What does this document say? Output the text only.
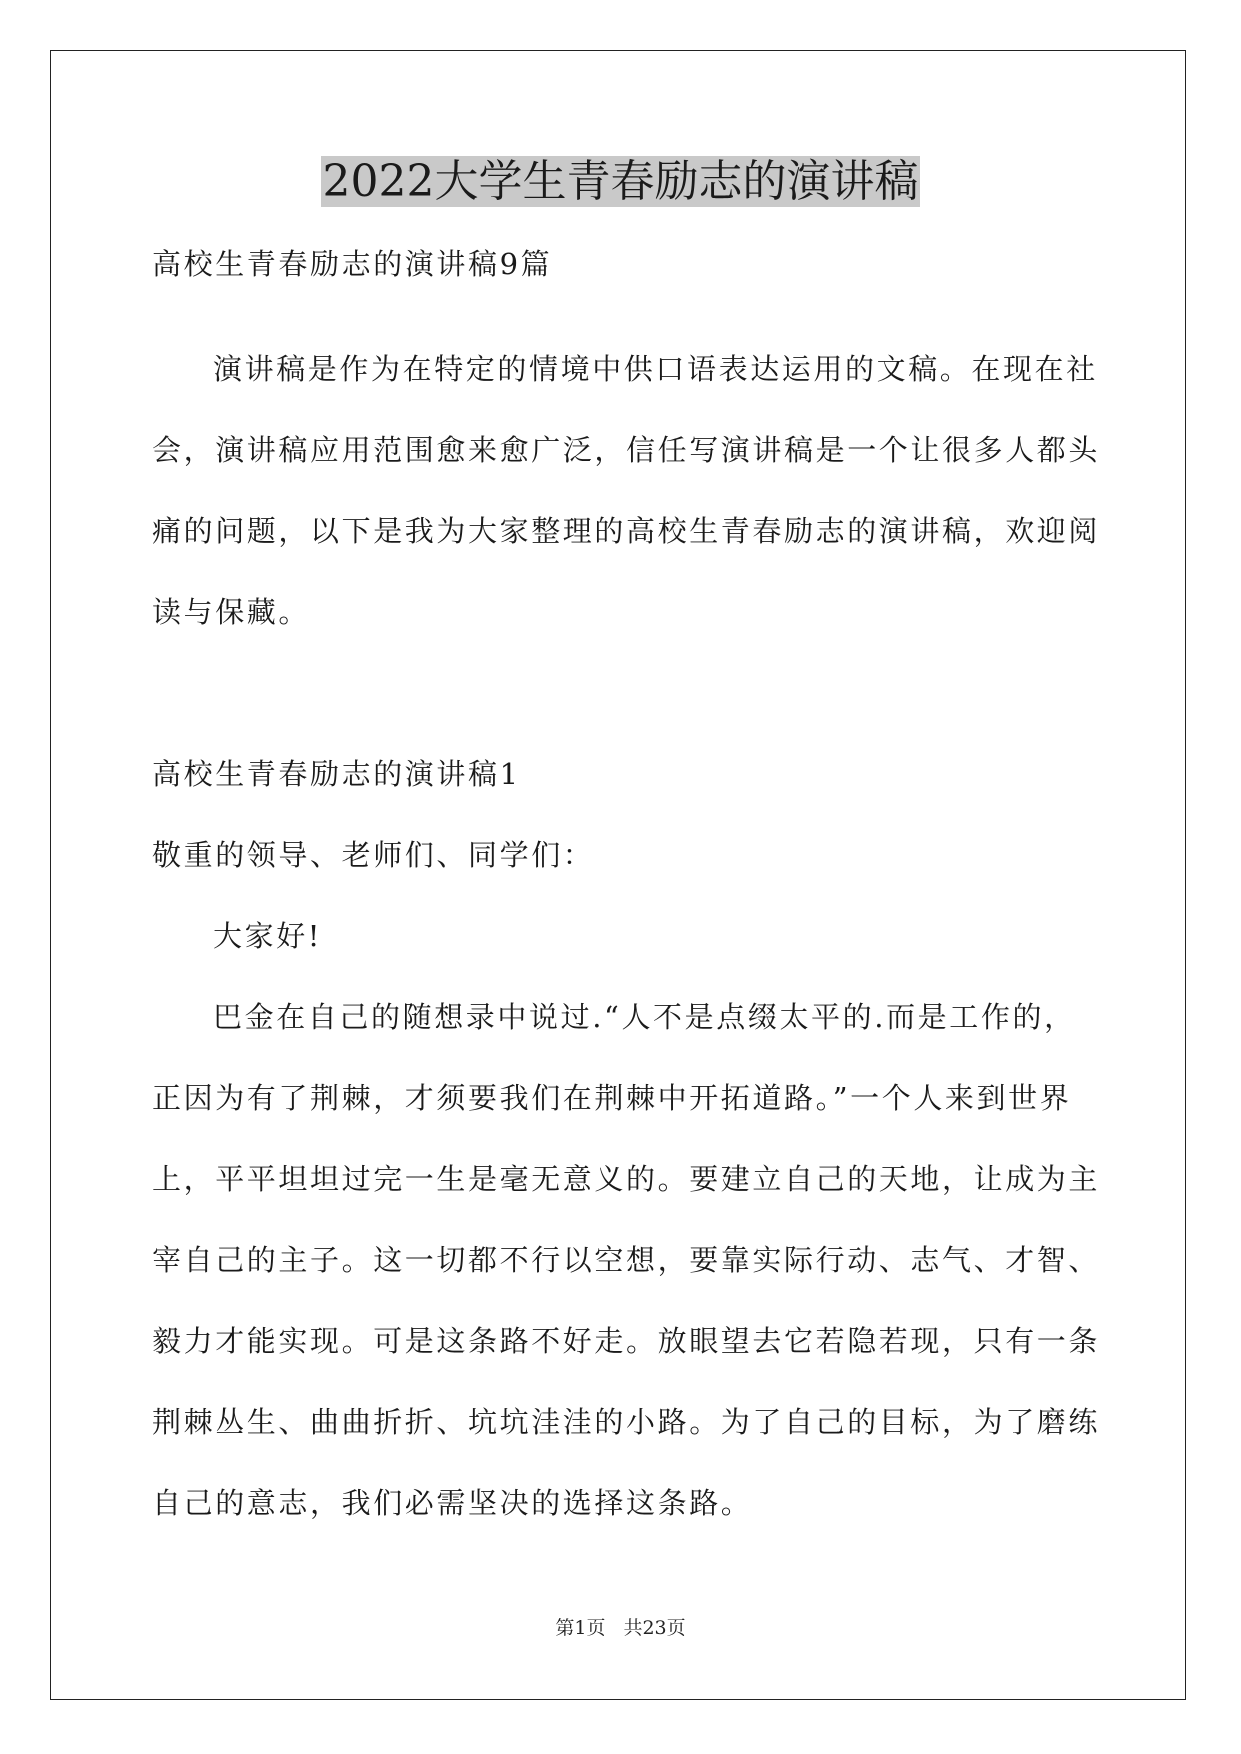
2022大学生青春励志的演讲稿
高校生青春励志的演讲稿9篇
演讲稿是作为在特定的情境中供口语表达运用的文稿。在现在社
会，演讲稿应用范围愈来愈广泛，信任写演讲稿是一个让很多人都头
痛的问题，以下是我为大家整理的高校生青春励志的演讲稿，欢迎阅
读与保藏。
高校生青春励志的演讲稿1
敬重的领导、老师们、同学们：
大家好!
巴金在自己的随想录中说过.“人不是点缀太平的.而是工作的，
正因为有了荆棘，才须要我们在荆棘中开拓道路。”一个人来到世界
上，平平坦坦过完一生是毫无意义的。要建立自己的天地，让成为主
宰自己的主子。这一切都不行以空想，要靠实际行动、志气、才智、
毅力才能实现。可是这条路不好走。放眼望去它若隐若现，只有一条
荆棘丛生、曲曲折折、坑坑洼洼的小路。为了自己的目标，为了磨练
自己的意志，我们必需坚决的选择这条路。
第1页 共23页
